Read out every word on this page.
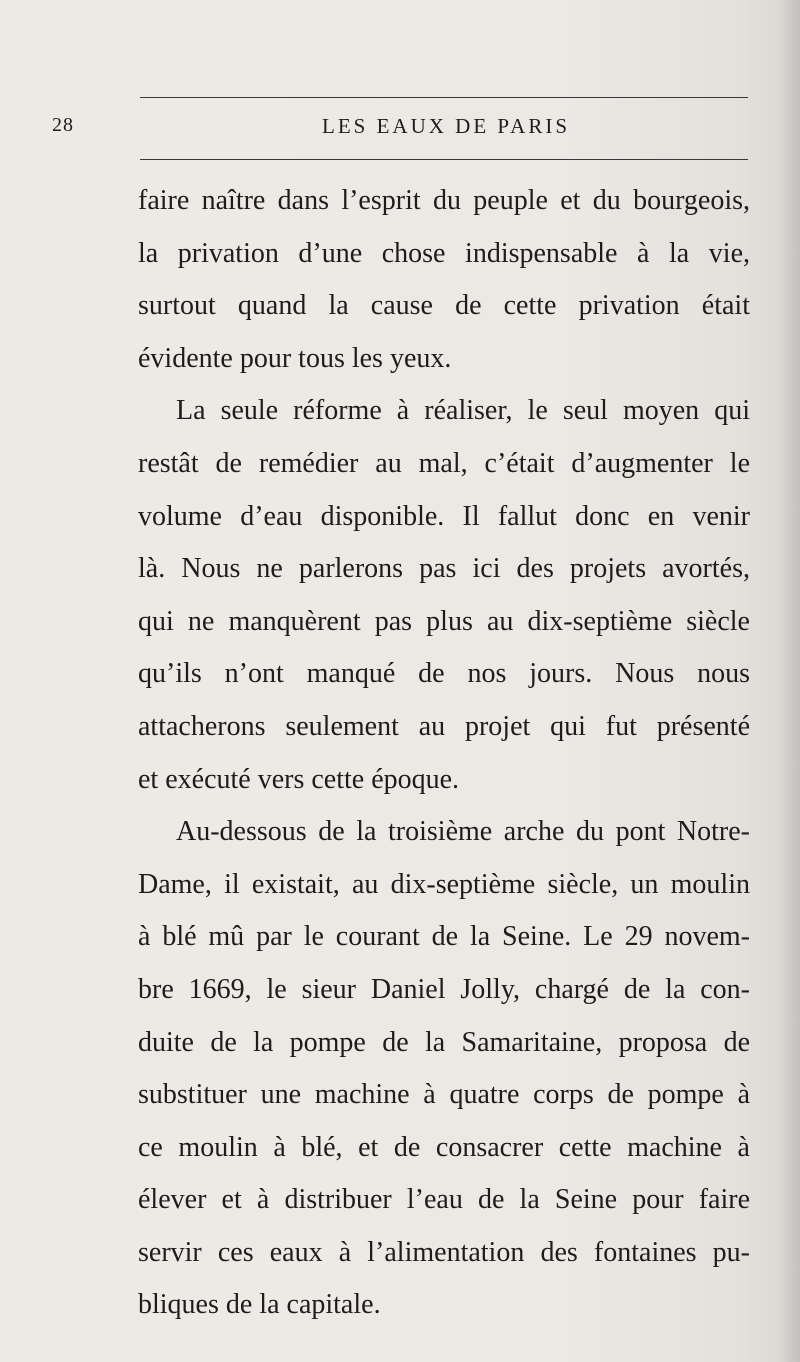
28	LES EAUX DE PARIS
faire naître dans l’esprit du peuple et du bourgeois,
la privation d’une chose indispensable à la vie,
surtout quand la cause de cette privation était
évidente pour tous les yeux.
La seule réforme à réaliser, le seul moyen qui
restât de remédier au mal, c’était d’augmenter le
volume d’eau disponible. Il fallut donc en venir
là. Nous ne parlerons pas ici des projets avortés,
qui ne manquèrent pas plus au dix-septième siècle
qu’ils n’ont manqué de nos jours. Nous nous
attacherons seulement au projet qui fut présenté
et exécuté vers cette époque.
Au-dessous de la troisième arche du pont Notre-
Dame, il existait, au dix-septième siècle, un moulin
à blé mû par le courant de la Seine. Le 29 novem-
bre 1669, le sieur Daniel Jolly, chargé de la con-
duite de la pompe de la Samaritaine, proposa de
substituer une machine à quatre corps de pompe à
ce moulin à blé, et de consacrer cette machine à
élever et à distribuer l’eau de la Seine pour faire
servir ces eaux à l’alimentation des fontaines pu-
bliques de la capitale.
